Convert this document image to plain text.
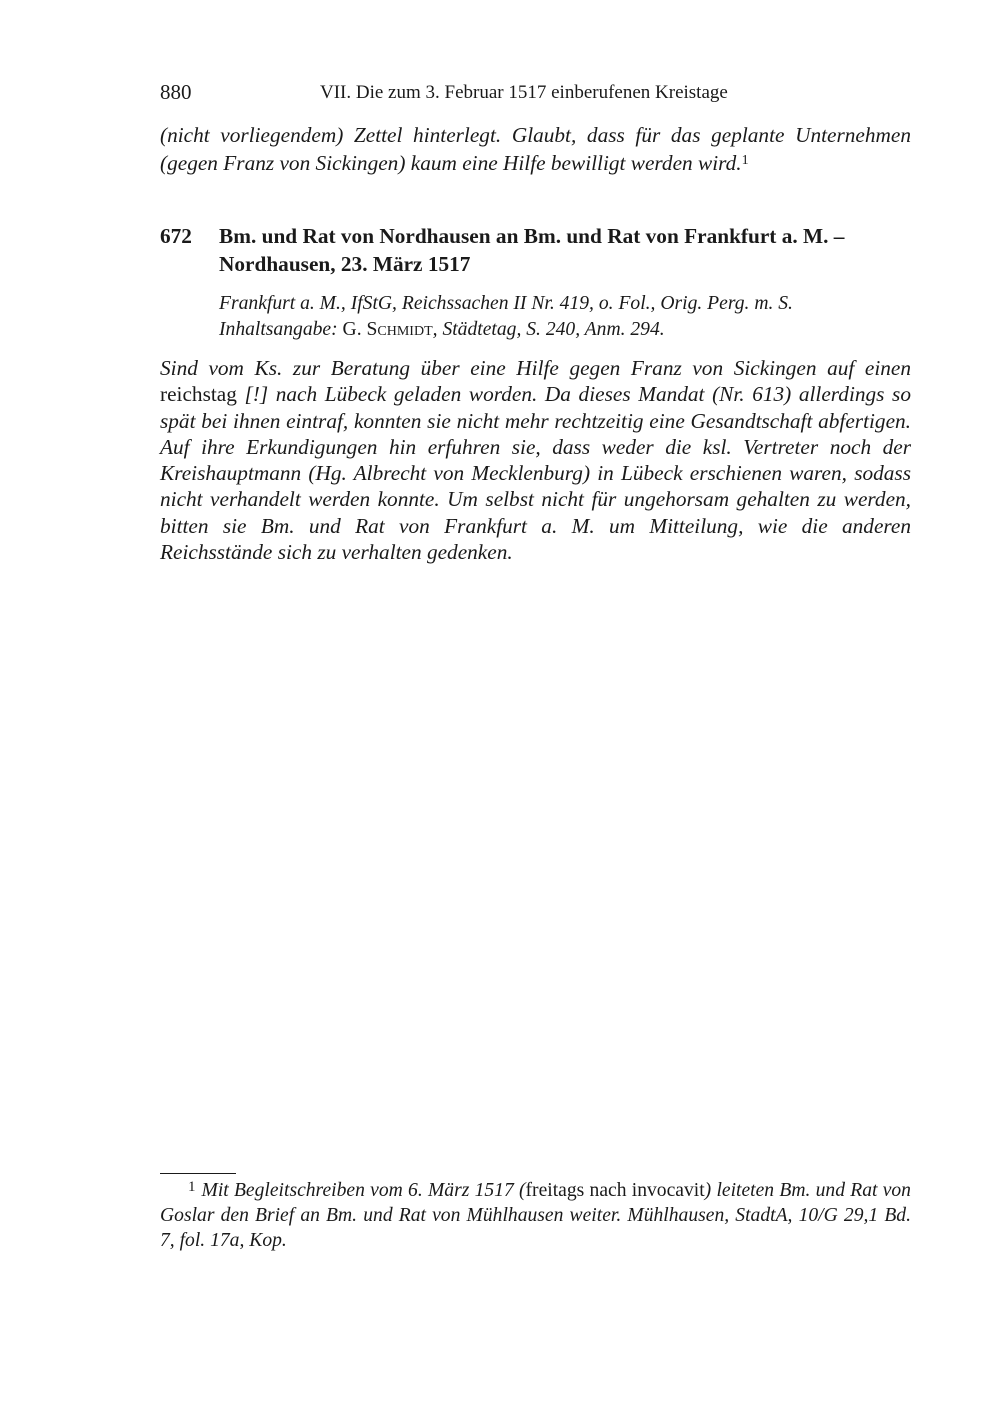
880	VII. Die zum 3. Februar 1517 einberufenen Kreistage
(nicht vorliegendem) Zettel hinterlegt. Glaubt, dass für das geplante Unternehmen (gegen Franz von Sickingen) kaum eine Hilfe bewilligt werden wird.$^1$
672 Bm. und Rat von Nordhausen an Bm. und Rat von Frankfurt a. M. – Nordhausen, 23. März 1517
Frankfurt a. M., IfStG, Reichssachen II Nr. 419, o. Fol., Orig. Perg. m. S.
Inhaltsangabe: G. Schmidt, Städtetag, S. 240, Anm. 294.
Sind vom Ks. zur Beratung über eine Hilfe gegen Franz von Sickingen auf einen reichstag [!] nach Lübeck geladen worden. Da dieses Mandat (Nr. 613) allerdings so spät bei ihnen eintraf, konnten sie nicht mehr rechtzeitig eine Gesandtschaft abfertigen. Auf ihre Erkundigungen hin erfuhren sie, dass weder die ksl. Vertreter noch der Kreishauptmann (Hg. Albrecht von Mecklenburg) in Lübeck erschienen waren, sodass nicht verhandelt werden konnte. Um selbst nicht für ungehorsam gehalten zu werden, bitten sie Bm. und Rat von Frankfurt a. M. um Mitteilung, wie die anderen Reichsstände sich zu verhalten gedenken.
$^1$ Mit Begleitschreiben vom 6. März 1517 (freitags nach invocavit) leiteten Bm. und Rat von Goslar den Brief an Bm. und Rat von Mühlhausen weiter. Mühlhausen, StadtA, 10/G 29,1 Bd. 7, fol. 17a, Kop.
